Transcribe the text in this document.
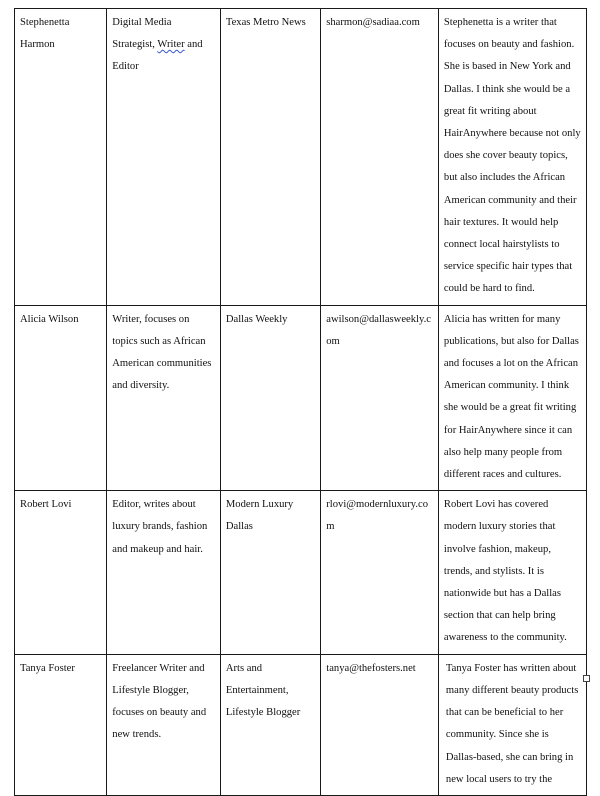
Stephenetta Harmon	Digital Media Strategist, Writer and Editor	Texas Metro News	sharmon@sadiaa.com	Stephenetta is a writer that focuses on beauty and fashion. She is based in New York and Dallas. I think she would be a great fit writing about HairAnywhere because not only does she cover beauty topics, but also includes the African American community and their hair textures. It would help connect local hairstylists to service specific hair types that could be hard to find.
Alicia Wilson	Writer, focuses on topics such as African American communities and diversity.	Dallas Weekly	awilson@dallasweekly.com	Alicia has written for many publications, but also for Dallas and focuses a lot on the African American community. I think she would be a great fit writing for HairAnywhere since it can also help many people from different races and cultures.
Robert Lovi	Editor, writes about luxury brands, fashion and makeup and hair.	Modern Luxury Dallas	rlovi@modernluxury.com	Robert Lovi has covered modern luxury stories that involve fashion, makeup, trends, and stylists. It is nationwide but has a Dallas section that can help bring awareness to the community.
Tanya Foster	Freelancer Writer and Lifestyle Blogger, focuses on beauty and new trends.	Arts and Entertainment, Lifestyle Blogger	tanya@thefosters.net	Tanya Foster has written about many different beauty products that can be beneficial to her community. Since she is Dallas-based, she can bring in new local users to try the
